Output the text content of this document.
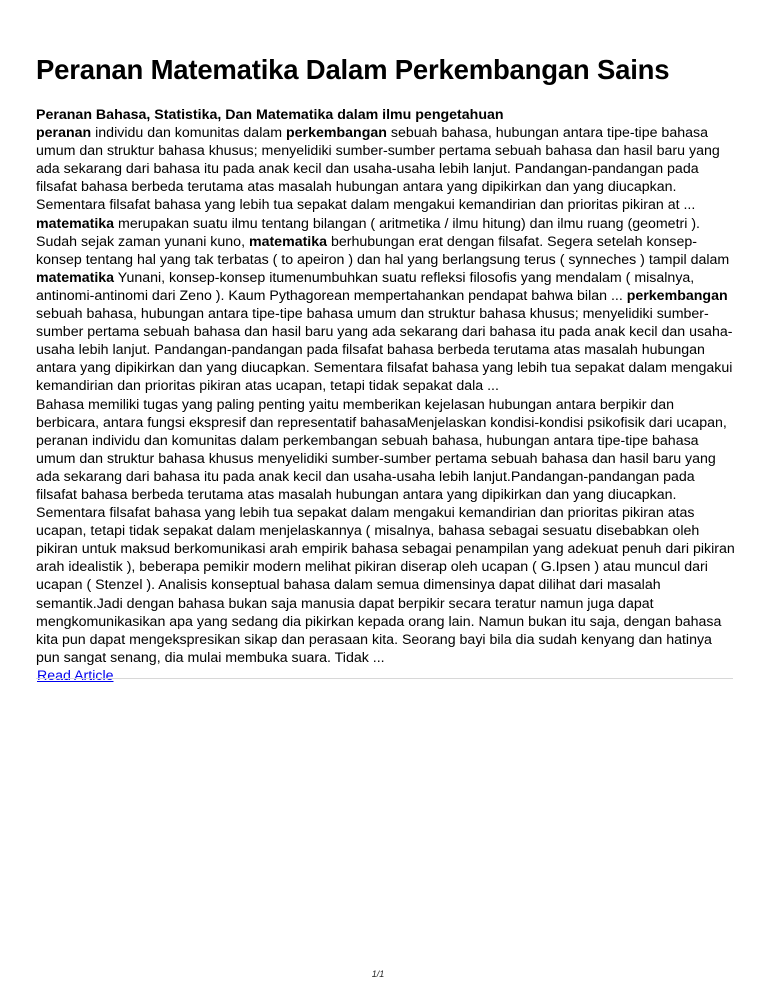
Peranan Matematika Dalam Perkembangan Sains
Peranan Bahasa, Statistika, Dan Matematika dalam ilmu pengetahuan

peranan individu dan komunitas dalam perkembangan sebuah bahasa, hubungan antara tipe-tipe bahasa umum dan struktur bahasa khusus; menyelidiki sumber-sumber pertama sebuah bahasa dan hasil baru yang ada sekarang dari bahasa itu pada anak kecil dan usaha-usaha lebih lanjut. Pandangan-pandangan pada filsafat bahasa berbeda terutama atas masalah hubungan antara yang dipikirkan dan yang diucapkan. Sementara filsafat bahasa yang lebih tua sepakat dalam mengakui kemandirian dan prioritas pikiran at ... matematika merupakan suatu ilmu tentang bilangan ( aritmetika / ilmu hitung) dan ilmu ruang (geometri ). Sudah sejak zaman yunani kuno, matematika berhubungan erat dengan filsafat. Segera setelah konsep-konsep tentang hal yang tak terbatas ( to apeiron ) dan hal yang berlangsung terus ( synneches ) tampil dalam matematika Yunani, konsep-konsep itumenumbuhkan suatu refleksi filosofis yang mendalam ( misalnya, antinomi-antinomi dari Zeno ). Kaum Pythagorean mempertahankan pendapat bahwa bilan ... perkembangan sebuah bahasa, hubungan antara tipe-tipe bahasa umum dan struktur bahasa khusus; menyelidiki sumber-sumber pertama sebuah bahasa dan hasil baru yang ada sekarang dari bahasa itu pada anak kecil dan usaha-usaha lebih lanjut. Pandangan-pandangan pada filsafat bahasa berbeda terutama atas masalah hubungan antara yang dipikirkan dan yang diucapkan. Sementara filsafat bahasa yang lebih tua sepakat dalam mengakui kemandirian dan prioritas pikiran atas ucapan, tetapi tidak sepakat dala ...

Bahasa memiliki tugas yang paling penting yaitu memberikan kejelasan hubungan antara berpikir dan berbicara, antara fungsi ekspresif dan representatif bahasaMenjelaskan kondisi-kondisi psikofisik dari ucapan, peranan individu dan komunitas dalam perkembangan sebuah bahasa, hubungan antara tipe-tipe bahasa umum dan struktur bahasa khusus menyelidiki sumber-sumber pertama sebuah bahasa dan hasil baru yang ada sekarang dari bahasa itu pada anak kecil dan usaha-usaha lebih lanjut.Pandangan-pandangan pada filsafat bahasa berbeda terutama atas masalah hubungan antara yang dipikirkan dan yang diucapkan. Sementara filsafat bahasa yang lebih tua sepakat dalam mengakui kemandirian dan prioritas pikiran atas ucapan, tetapi tidak sepakat dalam menjelaskannya ( misalnya, bahasa sebagai sesuatu disebabkan oleh pikiran untuk maksud berkomunikasi arah empirik bahasa sebagai penampilan yang adekuat penuh dari pikiran arah idealistik ), beberapa pemikir modern melihat pikiran diserap oleh ucapan ( G.Ipsen ) atau muncul dari ucapan ( Stenzel ). Analisis konseptual bahasa dalam semua dimensinya dapat dilihat dari masalah semantik.Jadi dengan bahasa bukan saja manusia dapat berpikir secara teratur namun juga dapat mengkomunikasikan apa yang sedang dia pikirkan kepada orang lain. Namun bukan itu saja, dengan bahasa kita pun dapat mengekspresikan sikap dan perasaan kita. Seorang bayi bila dia sudah kenyang dan hatinya pun sangat senang, dia mulai membuka suara. Tidak ...

Read Article
1/1
